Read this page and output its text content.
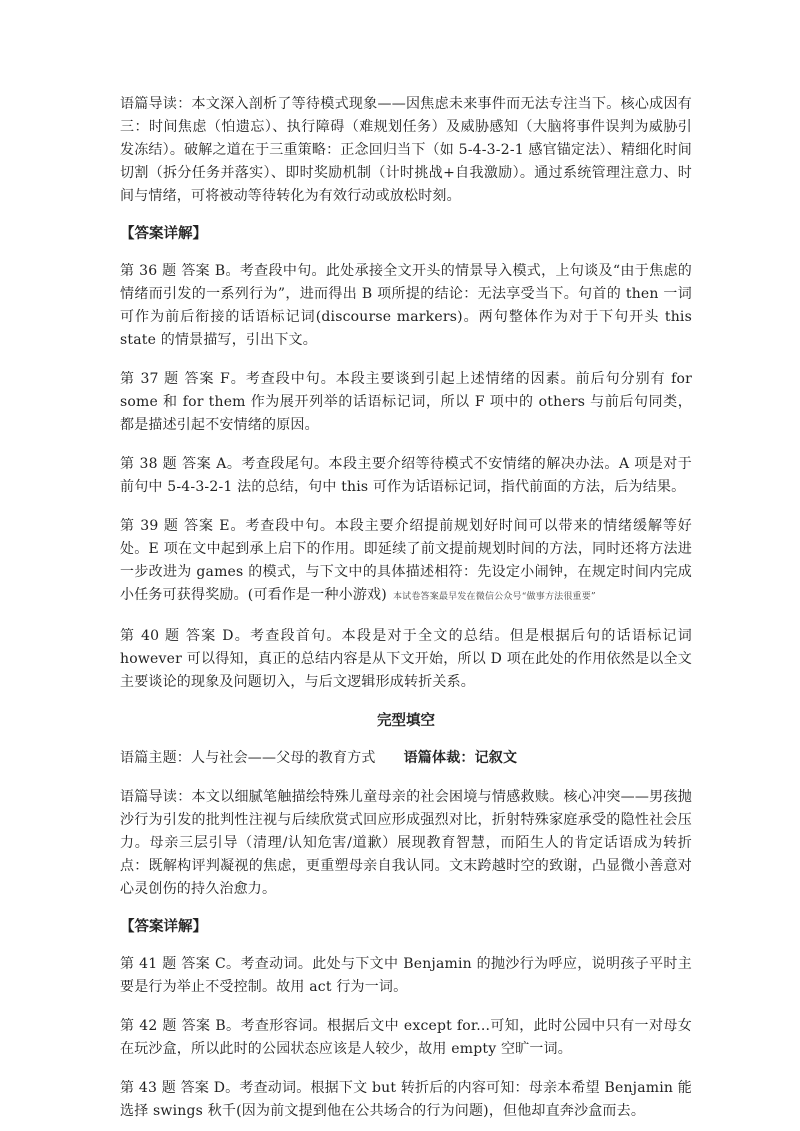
语篇导读：本文深入剖析了等待模式现象——因焦虑未来事件而无法专注当下。核心成因有三：时间焦虑（怕遗忘）、执行障碍（难规划任务）及威胁感知（大脑将事件误判为威胁引发冻结）。破解之道在于三重策略：正念回归当下（如 5-4-3-2-1 感官锚定法）、精细化时间切割（拆分任务并落实）、即时奖励机制（计时挑战+自我激励）。通过系统管理注意力、时间与情绪，可将被动等待转化为有效行动或放松时刻。

【答案详解】

第 36 题 答案 B。考查段中句。此处承接全文开头的情景导入模式，上句谈及“由于焦虑的情绪而引发的一系列行为”，进而得出 B 项所提的结论：无法享受当下。句首的 then 一词可作为前后衔接的话语标记词(discourse markers)。两句整体作为对于下句开头 this state 的情景描写，引出下文。

第 37 题 答案 F。考查段中句。本段主要谈到引起上述情绪的因素。前后句分别有 for some 和 for them 作为展开列举的话语标记词，所以 F 项中的 others 与前后句同类，都是描述引起不安情绪的原因。

第 38 题 答案 A。考查段尾句。本段主要介绍等待模式不安情绪的解决办法。A 项是对于前句中 5-4-3-2-1 法的总结，句中 this 可作为话语标记词，指代前面的方法，后为结果。

第 39 题 答案 E。考查段中句。本段主要介绍提前规划好时间可以带来的情绪缓解等好处。E 项在文中起到承上启下的作用。即延续了前文提前规划时间的方法，同时还将方法进一步改进为 games 的模式，与下文中的具体描述相符：先设定小闹钟，在规定时间内完成小任务可获得奖励。(可看作是一种小游戏) 本试卷答案最早发在微信公众号“做事方法很重要”

第 40 题 答案 D。考查段首句。本段是对于全文的总结。但是根据后句的话语标记词 however 可以得知，真正的总结内容是从下文开始，所以 D 项在此处的作用依然是以全文主要谈论的现象及问题切入，与后文逻辑形成转折关系。

完型填空

语篇主题：人与社会——父母的教育方式 语篇体裁：记叙文

语篇导读：本文以细腻笔触描绘特殊儿童母亲的社会困境与情感救赎。核心冲突——男孩抛沙行为引发的批判性注视与后续欣赏式回应形成强烈对比，折射特殊家庭承受的隐性社会压力。母亲三层引导（清理/认知危害/道歉）展现教育智慧，而陌生人的肯定话语成为转折点：既解构评判凝视的焦虑，更重塑母亲自我认同。文末跨越时空的致谢，凸显微小善意对心灵创伤的持久治愈力。

【答案详解】

第 41 题 答案 C。考查动词。此处与下文中 Benjamin 的抛沙行为呼应，说明孩子平时主要是行为举止不受控制。故用 act 行为一词。

第 42 题 答案 B。考查形容词。根据后文中 except for...可知，此时公园中只有一对母女在玩沙盒，所以此时的公园状态应该是人较少，故用 empty 空旷一词。

第 43 题 答案 D。考查动词。根据下文 but 转折后的内容可知：母亲本希望 Benjamin 能选择 swings 秋千(因为前文提到他在公共场合的行为问题)，但他却直奔沙盒而去。
